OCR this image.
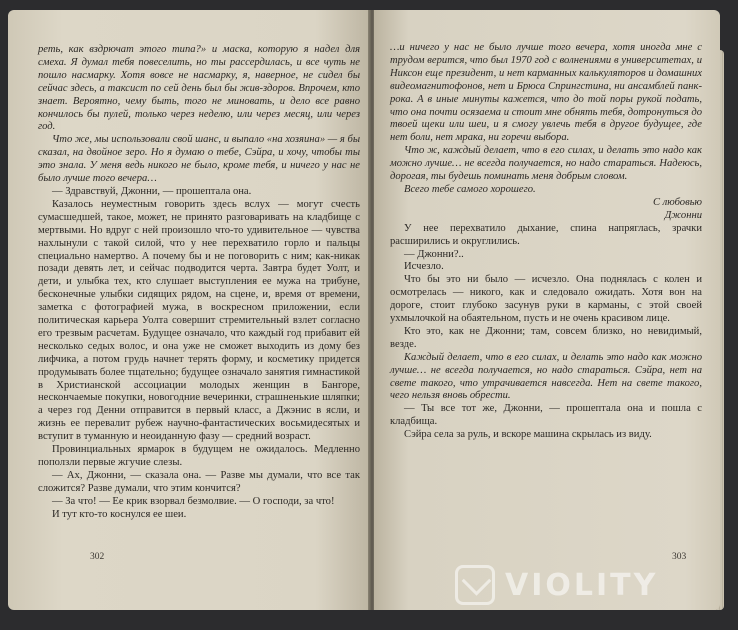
реть, как вздрючат этого типа?» и маска, которую я надел для смеха. Я думал тебя повеселить, но ты рассердилась, и все чуть не пошло насмарку. Хотя вовсе не насмарку, я, наверное, не сидел бы сейчас здесь, а таксист по сей день был бы жив-здоров. Впрочем, кто знает. Вероятно, чему быть, того не миновать, и дело все равно кончилось бы пулей, только через неделю, или через месяц, или через год.

Что же, мы использовали свой шанс, и выпало «на хозяина» — я бы сказал, на двойное зеро. Но я думаю о тебе, Сэйра, и хочу, чтобы ты это знала. У меня ведь никого не было, кроме тебя, и ничего у нас не было лучше того вечера…

— Здравствуй, Джонни, — прошептала она.

Казалось неуместным говорить здесь вслух — могут счесть сумасшедшей, такое, может, не принято разговаривать на кладбище с мертвыми. Но вдруг с ней произошло что-то удивительное — чувства нахлынули с такой силой, что у нее перехватило горло и пальцы специально намертво. А почему бы и не поговорить с ним; как-никак позади девять лет, и сейчас подводится черта. Завтра будет Уолт, и дети, и улыбка тех, кто слушает выступления ее мужа на трибуне, бесконечные улыбки сидящих рядом, на сцене, и, время от времени, заметка с фотографией мужа, в воскресном приложении, если политическая карьера Уолта совершит стремительный взлет согласно его трезвым расчетам. Будущее означало, что каждый год прибавит ей несколько седых волос, и она уже не сможет выходить из дому без лифчика, а потом грудь начнет терять форму, и косметику придется продумывать более тщательно; будущее означало занятия гимнастикой в Христианской ассоциации молодых женщин в Бангоре, нескончаемые покупки, новогодние вечеринки, страшненькие шляпки; а через год Денни отправится в первый класс, а Джэнис в ясли, и жизнь ее перевалит рубеж научно-фантастических восьмидесятых и вступит в туманную и неоиданную фазу — средний возраст.

Провинциальных ярмарок в будущем не ожидалось. Медленно поползли первые жгучие слезы.

— Ах, Джонни, — сказала она. — Разве мы думали, что все так сложится? Разве думали, что этим кончится?

— За что! — Ее крик взорвал безмолвие. — О господи, за что!

И тут кто-то коснулся ее шеи.

302

…и ничего у нас не было лучше того вечера, хотя иногда мне с трудом верится, что был 1970 год с волнениями в университетах, и Никсон еще президент, и нет карманных калькуляторов и домашних видеомагнитофонов, нет и Брюса Спрингстина, ни ансамблей панк-рока. А в иные минуты кажется, что до той поры рукой подать, что она почти осязаема и стоит мне обнять тебя, дотронуться до твоей щеки или шеи, и я смогу увлечь тебя в другое будущее, где нет боли, нет мрака, ни горечи выбора.

Что ж, каждый делает, что в его силах, и делать это надо как можно лучше… не всегда получается, но надо стараться. Надеюсь, дорогая, ты будешь поминать меня добрым словом.

Всего тебе самого хорошего.

С любовью

Джонни

У нее перехватило дыхание, спина напряглась, зрачки расширились и округлились.

— Джонни?..

Исчезло.

Что бы это ни было — исчезло. Она поднялась с колен и осмотрелась — никого, как и следовало ожидать. Хотя вон на дороге, стоит глубоко засунув руки в карманы, с этой своей ухмылочкой на обаятельном, пусть и не очень красивом лице.

Кто это, как не Джонни; там, совсем близко, но невидимый, везде.

Каждый делает, что в его силах, и делать это надо как можно лучше… не всегда получается, но надо стараться. Сэйра, нет на свете такого, что утрачивается навсегда. Нет на свете такого, чего нельзя вновь обрести.

— Ты все тот же, Джонни, — прошептала она и пошла с кладбища.

Сэйра села за руль, и вскоре машина скрылась из виду.

303
VIOLITY
